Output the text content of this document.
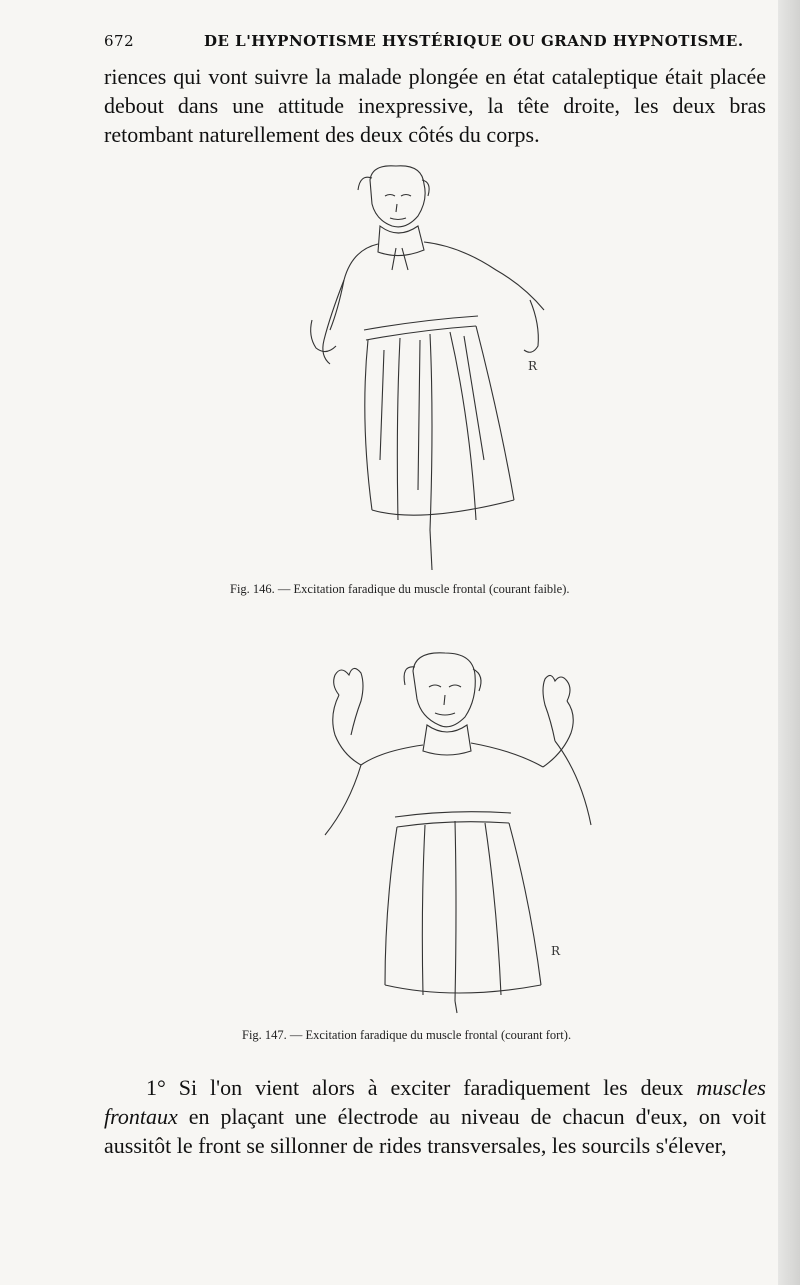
672	DE L'HYPNOTISME HYSTÉRIQUE OU GRAND HYPNOTISME.

riences qui vont suivre la malade plongée en état cataleptique était placée debout dans une attitude inexpressive, la tête droite, les deux bras retombant naturellement des deux côtés du corps.

R
Fig. 146. — Excitation faradique du muscle frontal (courant faible).
R
Fig. 147. — Excitation faradique du muscle frontal (courant fort).

1° Si l'on vient alors à exciter faradiquement les deux muscles frontaux en plaçant une électrode au niveau de chacun d'eux, on voit aussitôt le front se sillonner de rides transversales, les sourcils s'élever,
